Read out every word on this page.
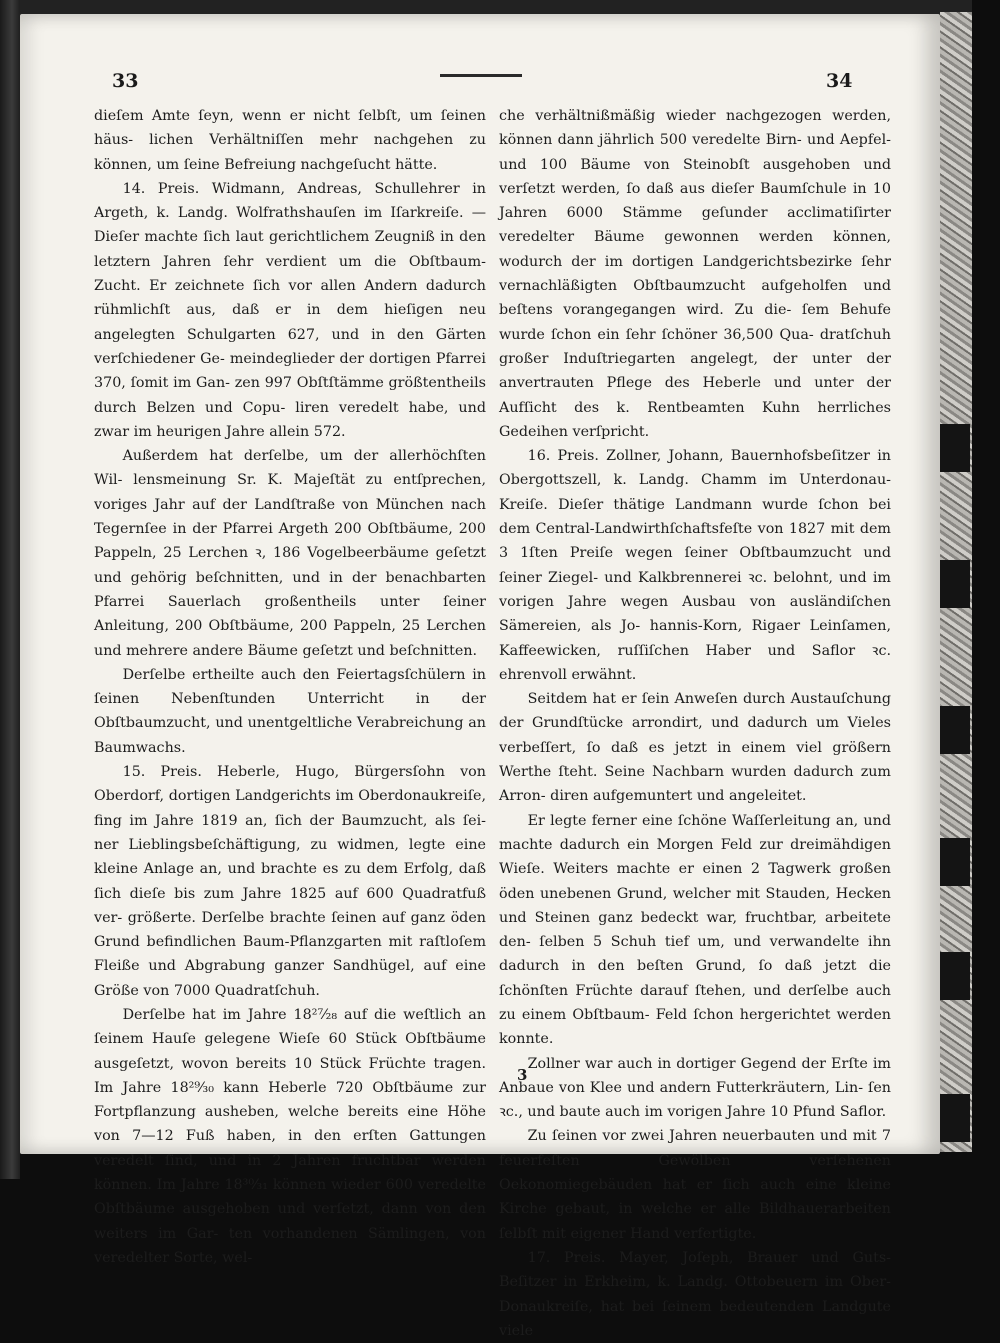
33	34

dieſem Amte ſeyn, wenn er nicht ſelbſt, um ſeinen häus- lichen Verhältniſſen mehr nachgehen zu können, um ſeine Befreiung nachgeſucht hätte.

14. Preis. Widmann, Andreas, Schullehrer in Argeth, k. Landg. Wolfrathshauſen im Iſarkreiſe. — Dieſer machte ſich laut gerichtlichem Zeugniß in den letztern Jahren ſehr verdient um die Obſtbaum- Zucht. Er zeichnete ſich vor allen Andern dadurch rühmlichſt aus, daß er in dem hieſigen neu angelegten Schulgarten 627, und in den Gärten verſchiedener Ge- meindeglieder der dortigen Pfarrei 370, ſomit im Gan- zen 997 Obſtſtämme größtentheils durch Belzen und Copu- liren veredelt habe, und zwar im heurigen Jahre allein 572.

Außerdem hat derſelbe, um der allerhöchſten Wil- lensmeinung Sr. K. Majeſtät zu entſprechen, voriges Jahr auf der Landſtraße von München nach Tegernſee in der Pfarrei Argeth 200 Obſtbäume, 200 Pappeln, 25 Lerchen ꝛ, 186 Vogelbeerbäume geſetzt und gehörig beſchnitten, und in der benachbarten Pfarrei Sauerlach großentheils unter ſeiner Anleitung, 200 Obſtbäume, 200 Pappeln, 25 Lerchen und mehrere andere Bäume geſetzt und beſchnitten.

Derſelbe ertheilte auch den Feiertagsſchülern in ſeinen Nebenſtunden Unterricht in der Obſtbaumzucht, und unentgeltliche Verabreichung an Baumwachs.

15. Preis. Heberle, Hugo, Bürgersſohn von Oberdorf, dortigen Landgerichts im Oberdonaukreiſe, fing im Jahre 1819 an, ſich der Baumzucht, als ſei- ner Lieblingsbeſchäftigung, zu widmen, legte eine kleine Anlage an, und brachte es zu dem Erfolg, daß ſich dieſe bis zum Jahre 1825 auf 600 Quadratfuß ver- größerte. Derſelbe brachte ſeinen auf ganz öden Grund befindlichen Baum-Pflanzgarten mit raſtloſem Fleiße und Abgrabung ganzer Sandhügel, auf eine Größe von 7000 Quadratſchuh.

Derſelbe hat im Jahre 18²⁷⁄₂₈ auf die weſtlich an ſeinem Hauſe gelegene Wieſe 60 Stück Obſtbäume ausgeſetzt, wovon bereits 10 Stück Früchte tragen. Im Jahre 18²⁹⁄₃₀ kann Heberle 720 Obſtbäume zur Fortpflanzung ausheben, welche bereits eine Höhe von 7—12 Fuß haben, in den erſten Gattungen veredelt ſind, und in 2 Jahren fruchtbar werden können. Im Jahre 18³⁰⁄₃₁ können wieder 600 veredelte Obſtbäume ausgehoben und verſetzt, dann von den weiters im Gar- ten vorhandenen Sämlingen, von veredelter Sorte, wel-

che verhältnißmäßig wieder nachgezogen werden, können dann jährlich 500 veredelte Birn- und Aepfel- und 100 Bäume von Steinobſt ausgehoben und verſetzt werden, ſo daß aus dieſer Baumſchule in 10 Jahren 6000 Stämme geſunder acclimatiſirter veredelter Bäume gewonnen werden können, wodurch der im dortigen Landgerichtsbezirke ſehr vernachläßigten Obſtbaumzucht aufgeholfen und beſtens vorangegangen wird. Zu die- ſem Behufe wurde ſchon ein ſehr ſchöner 36,500 Qua- dratſchuh großer Induſtriegarten angelegt, der unter der anvertrauten Pflege des Heberle und unter der Aufſicht des k. Rentbeamten Kuhn herrliches Gedeihen verſpricht.

16. Preis. Zollner, Johann, Bauernhofsbeſitzer in Obergottszell, k. Landg. Chamm im Unterdonau- Kreiſe. Dieſer thätige Landmann wurde ſchon bei dem Central-Landwirthſchaftsfeſte von 1827 mit dem 3 1ſten Preiſe wegen ſeiner Obſtbaumzucht und ſeiner Ziegel- und Kalkbrennerei ꝛc. belohnt, und im vorigen Jahre wegen Ausbau von ausländiſchen Sämereien, als Jo- hannis-Korn, Rigaer Leinſamen, Kaffeewicken, ruſſiſchen Haber und Saflor ꝛc. ehrenvoll erwähnt.

Seitdem hat er ſein Anweſen durch Austauſchung der Grundſtücke arrondirt, und dadurch um Vieles verbeſſert, ſo daß es jetzt in einem viel größern Werthe ſteht. Seine Nachbarn wurden dadurch zum Arron- diren aufgemuntert und angeleitet.

Er legte ferner eine ſchöne Waſſerleitung an, und machte dadurch ein Morgen Feld zur dreimähdigen Wieſe. Weiters machte er einen 2 Tagwerk großen öden unebenen Grund, welcher mit Stauden, Hecken und Steinen ganz bedeckt war, fruchtbar, arbeitete den- ſelben 5 Schuh tief um, und verwandelte ihn dadurch in den beſten Grund, ſo daß jetzt die ſchönſten Früchte darauf ſtehen, und derſelbe auch zu einem Obſtbaum- Feld ſchon hergerichtet werden konnte.

Zollner war auch in dortiger Gegend der Erſte im Anbaue von Klee und andern Futterkräutern, Lin- ſen ꝛc., und baute auch im vorigen Jahre 10 Pfund Saflor.

Zu ſeinen vor zwei Jahren neuerbauten und mit 7 feuerfeſten Gewölben verſehenen Oekonomiegebäuden hat er ſich auch eine kleine Kirche gebaut, in welche er alle Bildhauerarbeiten ſelbſt mit eigener Hand verfertigte.

17. Preis. Mayer, Joſeph, Brauer und Guts- Beſitzer in Erkheim, k. Landg. Ottobeuern im Ober- Donaukreiſe, hat bei ſeinem bedeutenden Landgute viele

3
